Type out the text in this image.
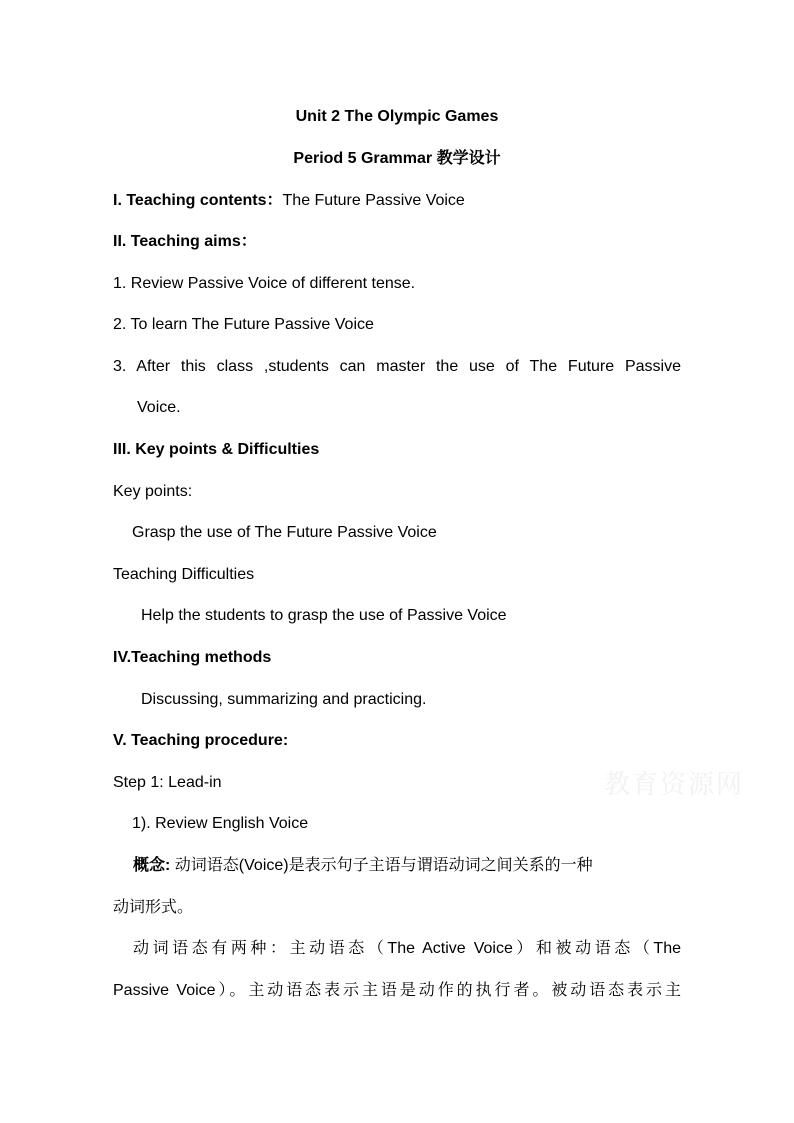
Unit 2 The Olympic Games
Period 5 Grammar 教学设计
I. Teaching contents：The Future Passive Voice
II. Teaching aims：
1. Review Passive Voice of different tense.
2. To learn The Future Passive Voice
3. After this class ,students can master the use of The Future Passive
Voice.
III. Key points & Difficulties
Key points:
Grasp the use of The Future Passive Voice
Teaching Difficulties
Help the students to grasp the use of Passive Voice
IV.Teaching methods
Discussing, summarizing and practicing.
V. Teaching procedure:
Step 1: Lead-in
1). Review English Voice
概念: 动词语态(Voice)是表示句子主语与谓语动词之间关系的一种
动词形式。
动词语态有两种：主动语态（The Active Voice）和被动语态（The
Passive Voice）。主动语态表示主语是动作的执行者。被动语态表示主
教育资源网
